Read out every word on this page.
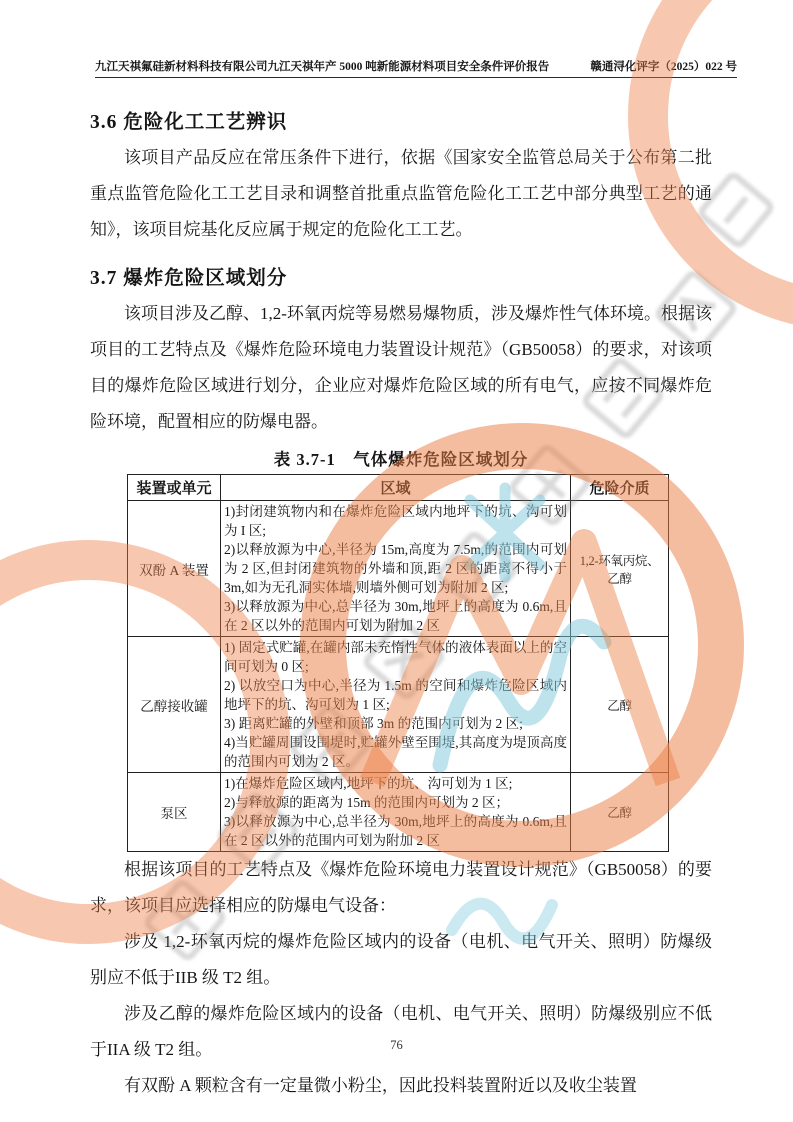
九江天祺氟硅新材料科技有限公司九江天祺年产 5000 吨新能源材料项目安全条件评价报告	赣通浔化评字（2025）022 号
3.6 危险化工工艺辨识

该项目产品反应在常压条件下进行，依据《国家安全监管总局关于公布第二批重点监管危险化工工艺目录和调整首批重点监管危险化工工艺中部分典型工艺的通知》，该项目烷基化反应属于规定的危险化工工艺。

3.7 爆炸危险区域划分

该项目涉及乙醇、1,2-环氧丙烷等易燃易爆物质，涉及爆炸性气体环境。根据该项目的工艺特点及《爆炸危险环境电力装置设计规范》（GB50058）的要求，对该项目的爆炸危险区域进行划分，企业应对爆炸危险区域的所有电气，应按不同爆炸危险环境，配置相应的防爆电器。

表 3.7-1　气体爆炸危险区域划分
装置或单元	区域	危险介质
双酚 A 装置	1)封闭建筑物内和在爆炸危险区域内地坪下的坑、沟可划为 I 区;
2)以释放源为中心,半径为 15m,高度为 7.5m,的范围内可划为 2 区,但封闭建筑物的外墙和顶,距 2 区的距离不得小于 3m,如为无孔洞实体墙,则墙外侧可划为附加 2 区;
3)以释放源为中心,总半径为 30m,地坪上的高度为 0.6m,且在 2 区以外的范围内可划为附加 2 区	1,2-环氧丙烷、乙醇
乙醇接收罐	1) 固定式贮罐,在罐内部未充惰性气体的液体表面以上的空间可划为 0 区;
2) 以放空口为中心,半径为 1.5m 的空间和爆炸危险区域内地坪下的坑、沟可划为 1 区;
3) 距离贮罐的外壁和顶部 3m 的范围内可划为 2 区;
4)当贮罐周围设围堤时,贮罐外壁至围堤,其高度为堤顶高度的范围内可划为 2 区。	乙醇
泵区	1)在爆炸危险区域内,地坪下的坑、沟可划为 1 区;
2)与释放源的距离为 15m 的范围内可划为 2 区；
3)以释放源为中心,总半径为 30m,地坪上的高度为 0.6m,且在 2 区以外的范围内可划为附加 2 区	乙醇

根据该项目的工艺特点及《爆炸危险环境电力装置设计规范》（GB50058）的要求，该项目应选择相应的防爆电气设备：

涉及 1,2-环氧丙烷的爆炸危险区域内的设备（电机、电气开关、照明）防爆级别应不低于IIB 级 T2 组。

涉及乙醇的爆炸危险区域内的设备（电机、电气开关、照明）防爆级别应不低于IIA 级 T2 组。

有双酚 A 颗粒含有一定量微小粉尘，因此投料装置附近以及收尘装置

76
